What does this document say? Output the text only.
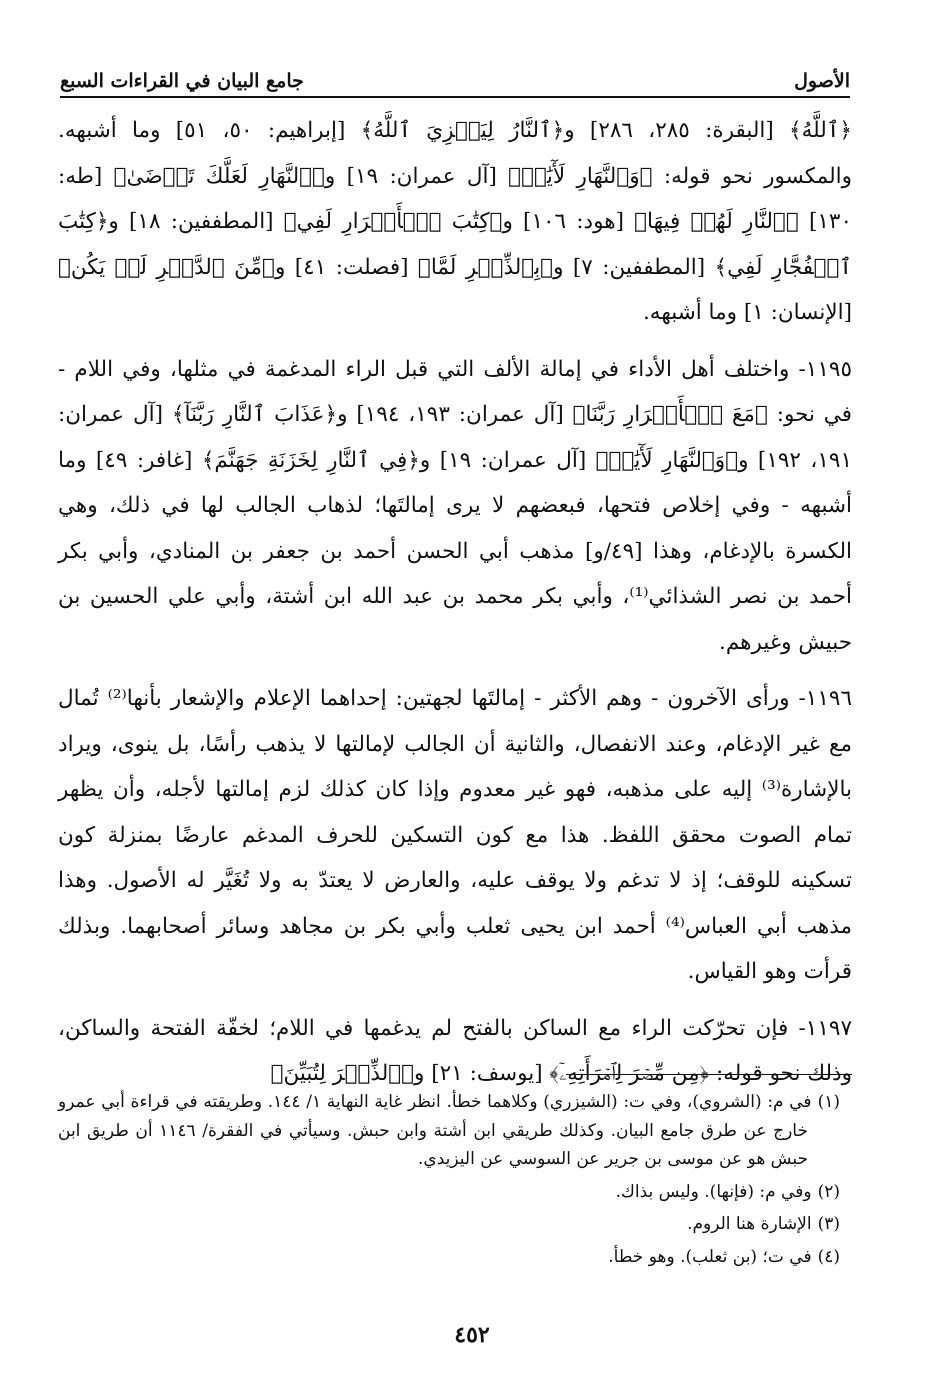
الأصول
جامع البيان في القراءات السبع

﴿ٱللَّهُ﴾ [البقرة: ٢٨٥، ٢٨٦] و﴿ٱلنَّارُ لِيَجۡزِيَ ٱللَّهُ﴾ [إبراهيم: ٥٠، ٥١] وما أشبهه. والمكسور نحو قوله: ﴿وَٱلنَّهَارِ لَأٓيَٰتٖ﴾ [آل عمران: ١٩] و﴿ٱلنَّهَارِ لَعَلَّكَ تَرۡضَىٰ﴾ [طه: ١٣٠] ﴿ٱلنَّارِ لَهُمۡ فِيهَا﴾ [هود: ١٠٦] و﴿كِتَٰبَ ٱلۡأَبۡرَارِ لَفِي﴾ [المطففين: ١٨] و﴿كِتَٰبَ ٱلۡفُجَّارِ لَفِي﴾ [المطففين: ٧] و﴿بِٱلذِّكۡرِ لَمَّا﴾ [فصلت: ٤١] و﴿مِّنَ ٱلدَّهۡرِ لَمۡ يَكُن﴾ [الإنسان: ١] وما أشبهه.

١١٩٥- واختلف أهل الأداء في إمالة الألف التي قبل الراء المدغمة في مثلها، وفي اللام - في نحو: ﴿مَعَ ٱلۡأَبۡرَارِ رَبَّنَا﴾ [آل عمران: ١٩٣، ١٩٤] و﴿عَذَابَ ٱلنَّارِ رَبَّنَآ﴾ [آل عمران: ١٩١، ١٩٢] و﴿وَٱلنَّهَارِ لَأٓيَٰتٖ﴾ [آل عمران: ١٩] و﴿فِي ٱلنَّارِ لِخَزَنَةِ جَهَنَّمَ﴾ [غافر: ٤٩] وما أشبهه - وفي إخلاص فتحها، فبعضهم لا يرى إمالتَها؛ لذهاب الجالب لها في ذلك، وهي الكسرة بالإدغام، وهذا [٤٩/و] مذهب أبي الحسن أحمد بن جعفر بن المنادي، وأبي بكر أحمد بن نصر الشذائي⁽¹⁾، وأبي بكر محمد بن عبد الله ابن أشتة، وأبي علي الحسين بن حبيش وغيرهم.

١١٩٦- ورأى الآخرون - وهم الأكثر - إمالتَها لجهتين: إحداهما الإعلام والإشعار بأنها⁽²⁾ تُمال مع غير الإدغام، وعند الانفصال، والثانية أن الجالب لإمالتها لا يذهب رأسًا، بل ينوى، ويراد بالإشارة⁽³⁾ إليه على مذهبه، فهو غير معدوم وإذا كان كذلك لزم إمالتها لأجله، وأن يظهر تمام الصوت محقق اللفظ. هذا مع كون التسكين للحرف المدغم عارضًا بمنزلة كون تسكينه للوقف؛ إذ لا تدغم ولا يوقف عليه، والعارض لا يعتدّ به ولا تُغَيَّر له الأصول. وهذا مذهب أبي العباس⁽⁴⁾ أحمد ابن يحيى ثعلب وأبي بكر بن مجاهد وسائر أصحابهما. وبذلك قرأت وهو القياس.

١١٩٧- فإن تحرّكت الراء مع الساكن بالفتح لم يدغمها في اللام؛ لخفّة الفتحة والساكن، وذلك نحو قوله: ﴿مِن مِّصۡرَ لِٱمۡرَأَتِهِۦٓ﴾ [يوسف: ٢١] و﴿ٱلذِّكۡرَ لِتُبَيِّنَ﴾

(١)في م: (الشروي)، وفي ت: (الشيزري) وكلاهما خطأ. انظر غاية النهاية ١/ ١٤٤. وطريقته في قراءة أبي عمرو خارج عن طرق جامع البيان. وكذلك طريقي ابن أشتة وابن حبش. وسيأتي في الفقرة/ ١١٤٦ أن طريق ابن حبش هو عن موسى بن جرير عن السوسي عن اليزيدي.

(٢)وفي م: (فإنها). وليس بذاك.

(٣)الإشارة هنا الروم.

(٤)في ت؛ (بن ثعلب). وهو خطأ.

٤٥٢
